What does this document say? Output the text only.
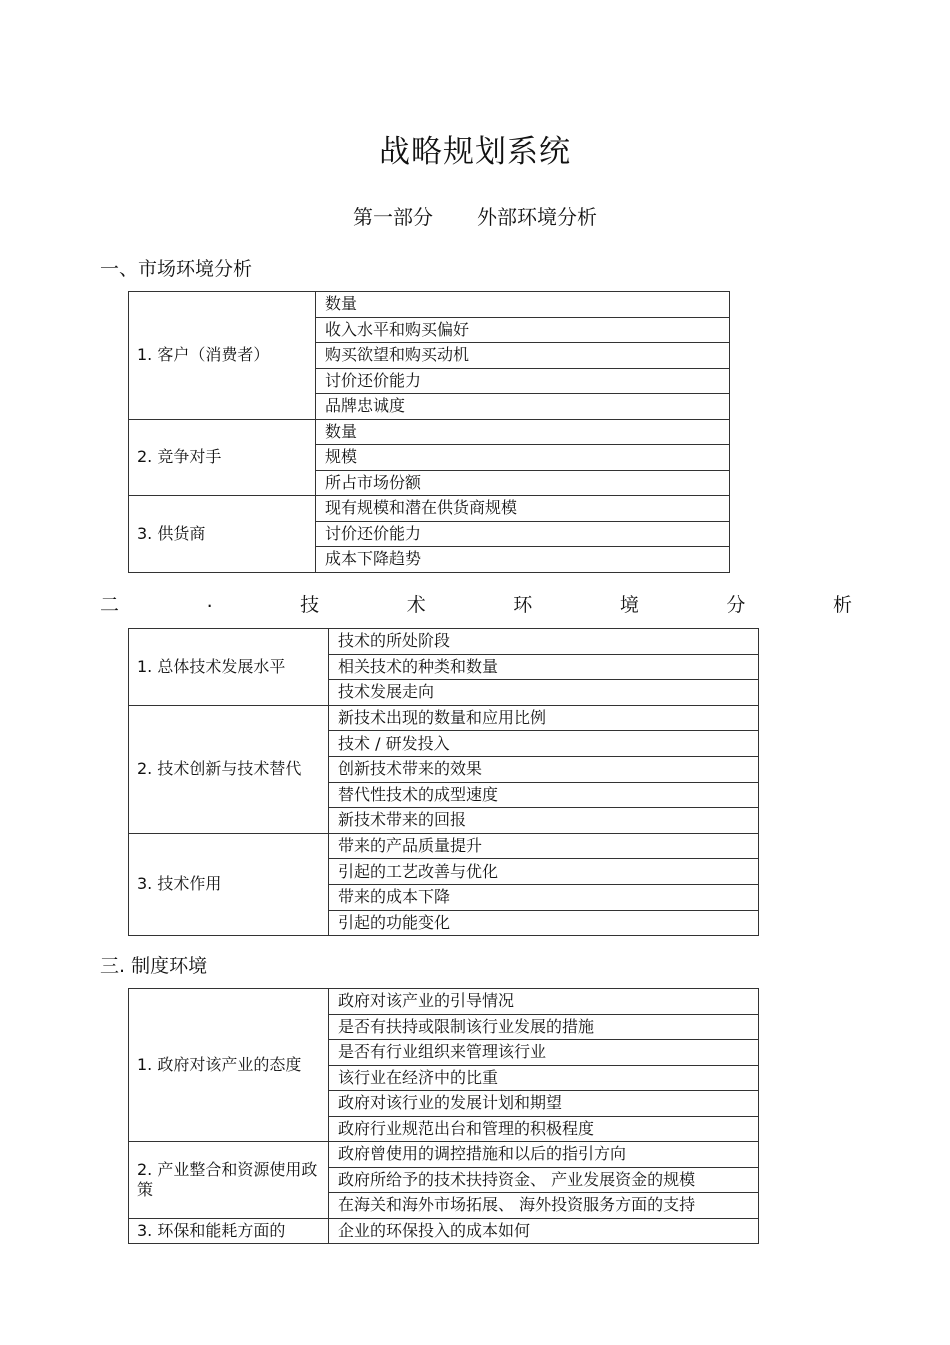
战略规划系统
第一部分 外部环境分析
一、市场环境分析
1. 客户（消费者）	数量
	收入水平和购买偏好
	购买欲望和购买动机
	讨价还价能力
	品牌忠诚度
2. 竞争对手	数量
	规模
	所占市场份额
3. 供货商	现有规模和潜在供货商规模
	讨价还价能力
	成本下降趋势
二	.	技	术	环	境	分	析
1. 总体技术发展水平	技术的所处阶段
	相关技术的种类和数量
	技术发展走向
2. 技术创新与技术替代	新技术出现的数量和应用比例
	技术 / 研发投入
	创新技术带来的效果
	替代性技术的成型速度
	新技术带来的回报
3. 技术作用	带来的产品质量提升
	引起的工艺改善与优化
	带来的成本下降
	引起的功能变化
三. 制度环境
1. 政府对该产业的态度	政府对该产业的引导情况
	是否有扶持或限制该行业发展的措施
	是否有行业组织来管理该行业
	该行业在经济中的比重
	政府对该行业的发展计划和期望
	政府行业规范出台和管理的积极程度
2. 产业整合和资源使用政策	政府曾使用的调控措施和以后的指引方向
	政府所给予的技术扶持资金、 产业发展资金的规模
	在海关和海外市场拓展、 海外投资服务方面的支持
3. 环保和能耗方面的	企业的环保投入的成本如何
